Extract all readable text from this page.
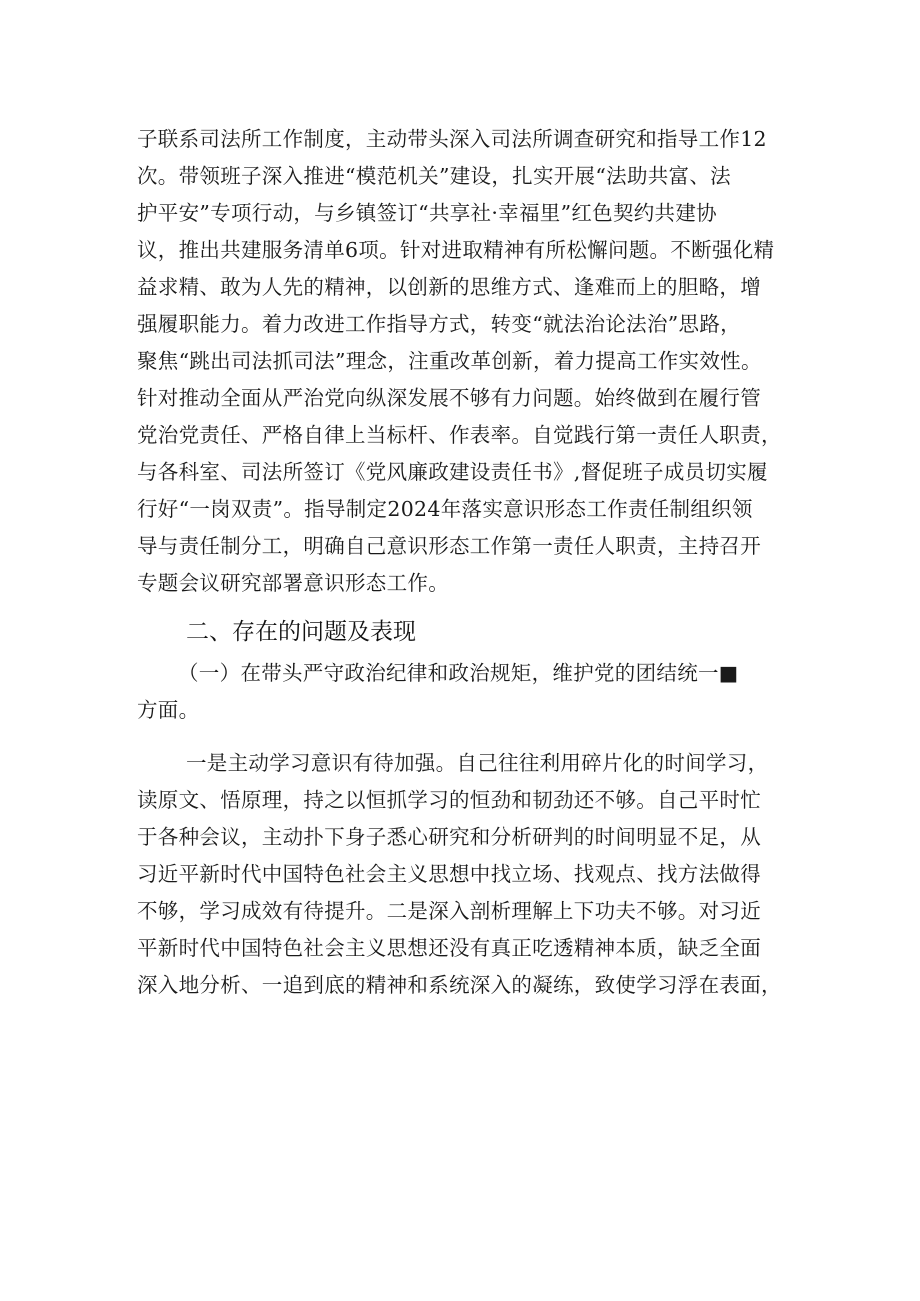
子联系司法所工作制度，主动带头深入司法所调查研究和指导工作12
次。带领班子深入推进“模范机关”建设，扎实开展“法助共富、法
护平安”专项行动，与乡镇签订“共享社·幸福里”红色契约共建协
议，推出共建服务清单6项。针对进取精神有所松懈问题。不断强化精
益求精、敢为人先的精神，以创新的思维方式、逢难而上的胆略，增
强履职能力。着力改进工作指导方式，转变“就法治论法治”思路，
聚焦“跳出司法抓司法”理念，注重改革创新，着力提高工作实效性。
针对推动全面从严治党向纵深发展不够有力问题。始终做到在履行管
党治党责任、严格自律上当标杆、作表率。自觉践行第一责任人职责，
与各科室、司法所签订《党风廉政建设责任书》,督促班子成员切实履
行好“一岗双责”。指导制定2024年落实意识形态工作责任制组织领
导与责任制分工，明确自己意识形态工作第一责任人职责，主持召开
专题会议研究部署意识形态工作。
二、存在的问题及表现
（一）在带头严守政治纪律和政治规矩，维护党的团结统一■
方面。
一是主动学习意识有待加强。自己往往利用碎片化的时间学习，
读原文、悟原理，持之以恒抓学习的恒劲和韧劲还不够。自己平时忙
于各种会议，主动扑下身子悉心研究和分析研判的时间明显不足，从
习近平新时代中国特色社会主义思想中找立场、找观点、找方法做得
不够，学习成效有待提升。二是深入剖析理解上下功夫不够。对习近
平新时代中国特色社会主义思想还没有真正吃透精神本质，缺乏全面
深入地分析、一追到底的精神和系统深入的凝练，致使学习浮在表面，
